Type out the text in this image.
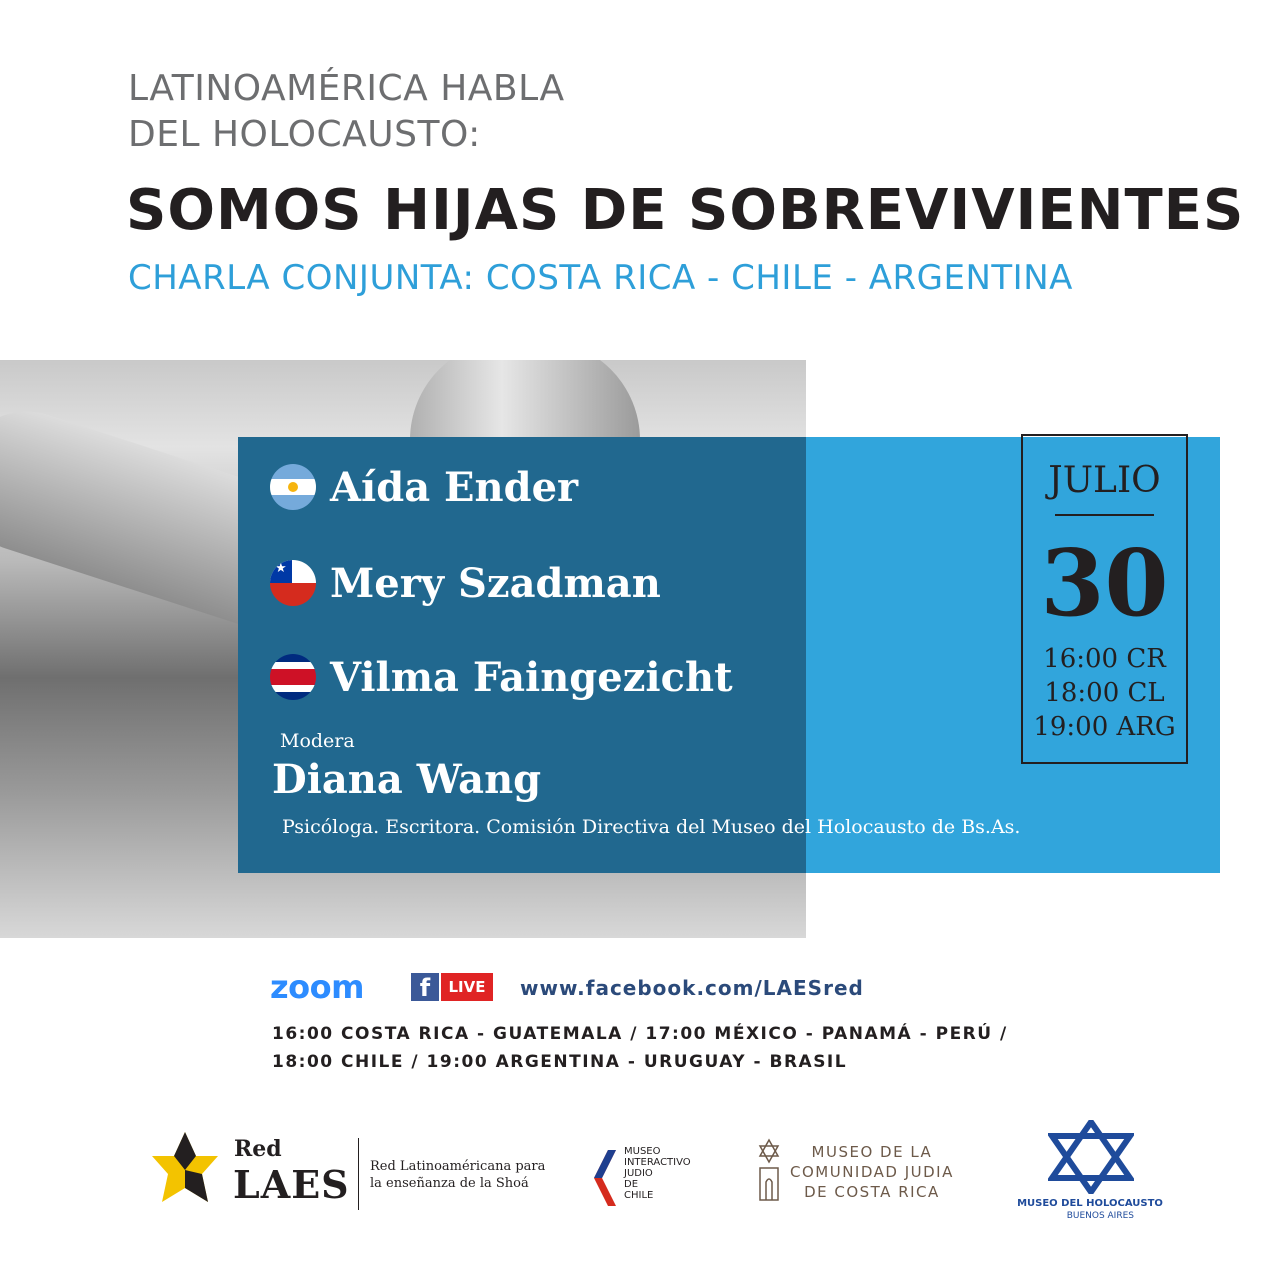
LATINOAMÉRICA HABLA
DEL HOLOCAUSTO:
SOMOS HIJAS DE SOBREVIVIENTES
CHARLA CONJUNTA: COSTA RICA - CHILE - ARGENTINA
Aída Ender
★
Mery Szadman
Vilma Faingezicht
Modera
Diana Wang
Psicóloga. Escritora. Comisión Directiva del Museo del Holocausto de Bs.As.
JULIO
30
16:00 CR
18:00 CL
19:00 ARG
zoom	f	LIVE	www.facebook.com/LAESred
16:00 COSTA RICA - GUATEMALA / 17:00 MÉXICO - PANAMÁ - PERÚ /
18:00 CHILE / 19:00 ARGENTINA - URUGUAY - BRASIL
Red
LAES Red Latinoaméricana para
la enseñanza de la Shoá
MUSEO
INTERACTIVO
JUDIO
DE
CHILE
MUSEO DE LA
COMUNIDAD JUDIA
DE COSTA RICA
MUSEO DEL HOLOCAUSTO
BUENOS AIRES
